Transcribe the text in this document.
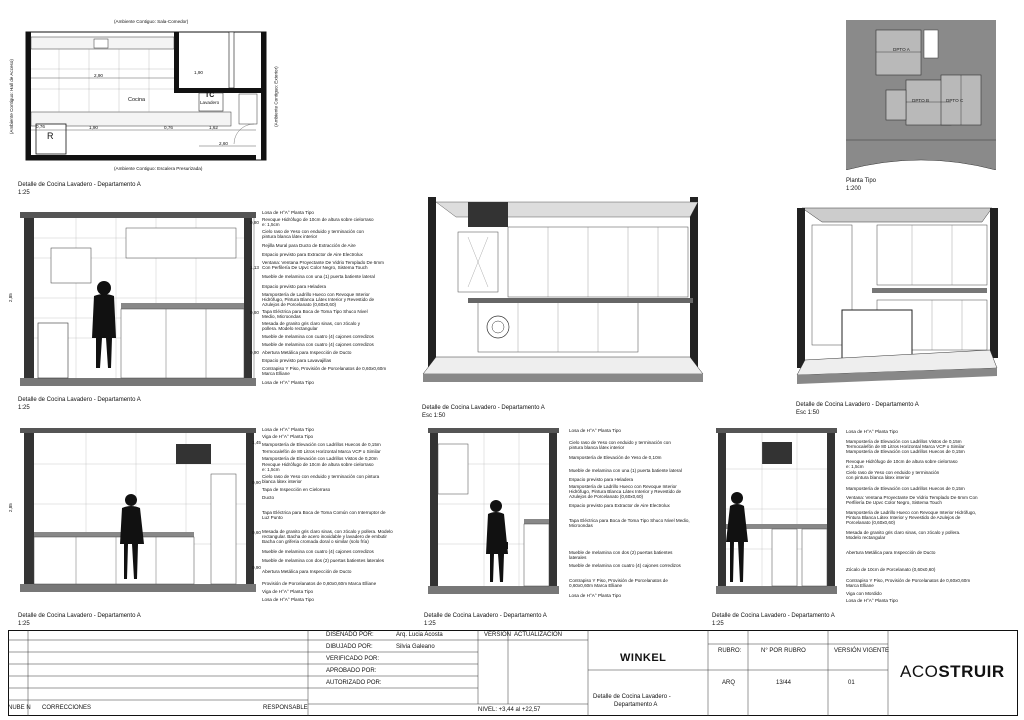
(Ambiente Contiguo: Sala-Comedor)
(Ambiente Contiguo: Escalera Presurizada)
(Ambiente Contiguo: Hall de Acceso)	(Ambiente Contiguo: Exterior)
Cocina	Lavadero
TC
R
2,90
0,76	1,90	0,76	1,62
2,60
1,90
Detalle de Cocina Lavadero - Departamento A
1:25
DPTO A
DPTO B	DPTO C
Planta Tipo
1:200
Losa de H°A° Planta Tipo
Revoque Hidrófugo de 10cm de altura sobre cielorraso
e: 1,5cm
Cielo raso de Yeso con enduido y terminación con
pintura blanca látex interior
Rejilla Mural para Ducto de Extracción de Aire
Espacio previsto para Extractor de Aire Electrolux
Ventana: Ventana Proyectante De Vidrio Templado De 6mm
Con Perfilería De Upvc Color Negro, Sistema Touch
Mueble de melamina con una (1) puerta batiente lateral
Espacio previsto para Heladera
Mampostería de Ladrillo Hueco con Revoque Interior
Hidrófugo, Pintura Blanca Látex Interior y Revestido de
Azulejos de Porcelanato (0,60x0,60)
Tapa Eléctrica para Boca de Toma Tipo Shuco Nivel
Medio, Microondas
Mesada de granito gris claro sinas, con zócalo y
pollera. Modelo rectangular
Mueble de melamina con cuatro (4) cajones corredizos
Mueble de melamina con cuatro (4) cajones corredizos
Abertura Metálica para Inspección de Ducto
Espacio previsto para Lavavajillas
Contrapiso Y Piso, Provisión de Porcelanatos de 0,60x0,60m
Marca Elliane
Losa de H°A° Planta Tipo
2,85
0,80
1,13
0,60
0,90
Detalle de Cocina Lavadero - Departamento A
1:25	Detalle de Cocina Lavadero - Departamento A
Esc 1:50
Detalle de Cocina Lavadero - Departamento A
Esc 1:50
Losa de H°A° Planta Tipo
Viga de H°A° Planta Tipo
Mampostería de Elevación con Ladrillos Huecos de 0,15m
Termocalefón de 80 Litros Horizontal Marca VCP o Similar
Mampostería de Elevación con Ladrillos Vistos de 0,20m
Revoque Hidrófugo de 10cm de altura sobre cielorraso
e: 1,5cm
Cielo raso de Yeso con enduido y terminación con pintura
blanca látex interior
Tapa de Inspección en Cielorraso
Ducto
Tapa Eléctrica para Boca de Toma Común con Interruptor de
Luz Punto
Mesada de granito gris claro sinas, con zócalo y pollera. Modelo
rectangular. Bacha de acero inoxidable y lavadero de embutir
Bacha con griferia cromada doral o similar (solo fría)
Mueble de melamina con cuatro (4) cajones corredizos
Mueble de melamina con dos (2) puertas batientes laterales
Abertura Metálica para Inspección de Ducto
Provisión de Porcelanatos de 0,60x0,60m Marca Elliane
Viga de H°A° Planta Tipo
Losa de H°A° Planta Tipo
2,85
1,45
0,90
0,60
0,90
Detalle de Cocina Lavadero - Departamento A
1:25
Losa de H°A° Planta Tipo
Cielo raso de Yeso con enduido y terminación con
pintura blanca látex interior
Mampostería de Elevación de Yeso de 0,10m
Mueble de melamina con una (1) puerta batiente lateral
Espacio previsto para Heladera
Mampostería de Ladrillo Hueco con Revoque Interior
Hidrófugo, Pintura Blanca Látex Interior y Revestido de
Azulejos de Porcelanato (0,60x0,60)
Espacio previsto para Extractor de Aire Electrolux
Tapa Eléctrica para Boca de Toma Tipo Shuco Nivel Medio,
Microondas
Mueble de melamina con dos (2) puertas batientes
laterales
Mueble de melamina con cuatro (4) cajones corredizos
Contrapiso Y Piso, Provisión de Porcelanatos de
0,60x0,60m Marca Elliane
Losa de H°A° Planta Tipo
Detalle de Cocina Lavadero - Departamento A
1:25
Losa de H°A° Planta Tipo
Mampostería de Elevación con Ladrillos Vistos de 0,15m
Termocalefón de 80 Litros Horizontal Marca VCP o Similar
Mampostería de Elevación con Ladrillos Huecos de 0,15m
Revoque Hidrófugo de 10cm de altura sobre cielorraso
e: 1,5cm
Cielo raso de Yeso con enduido y terminación
con pintura blanca látex interior
Mampostería de Elevación con Ladrillos Huecos de 0,15m
Ventana: Ventana Proyectante De Vidrio Templado De 6mm Con
Perfilería De Upvc Color Negro, Sistema Touch
Mampostería de Ladrillo Hueco con Revoque Interior Hidrófugo,
Pintura Blanca Látex Interior y Revestido de Azulejos de
Porcelanato (0,60x0,60)
Mesada de granito gris claro sinas, con zócalo y pollera.
Modelo rectangular
Abertura Metálica para Inspección de Ducto
Zócalo de 10cm de Porcelanato (0,60x0,60)
Contrapiso Y Piso, Provisión de Porcelanatos de 0,60x0,60m
Marca Elliane
Viga con Mordido
Losa de H°A° Planta Tipo
Detalle de Cocina Lavadero - Departamento A
1:25
DISEÑADO POR:	Arq. Lucia Acosta
DIBUJADO POR:	Silvia Galeano
VERIFICADO POR:
APROBADO POR:
AUTORIZADO POR:
VERSIÓN ACTUALIZACIÓN
RESPONSABLE	NIVEL: +3,44 al +22,57
NUBE N CORRECCIONES
WINKEL
Detalle de Cocina Lavadero -
Departamento A
RUBRO:
ARQ
N° POR RUBRO
13/44
VERSIÓN VIGENTE
01
ACOSTRUIR
